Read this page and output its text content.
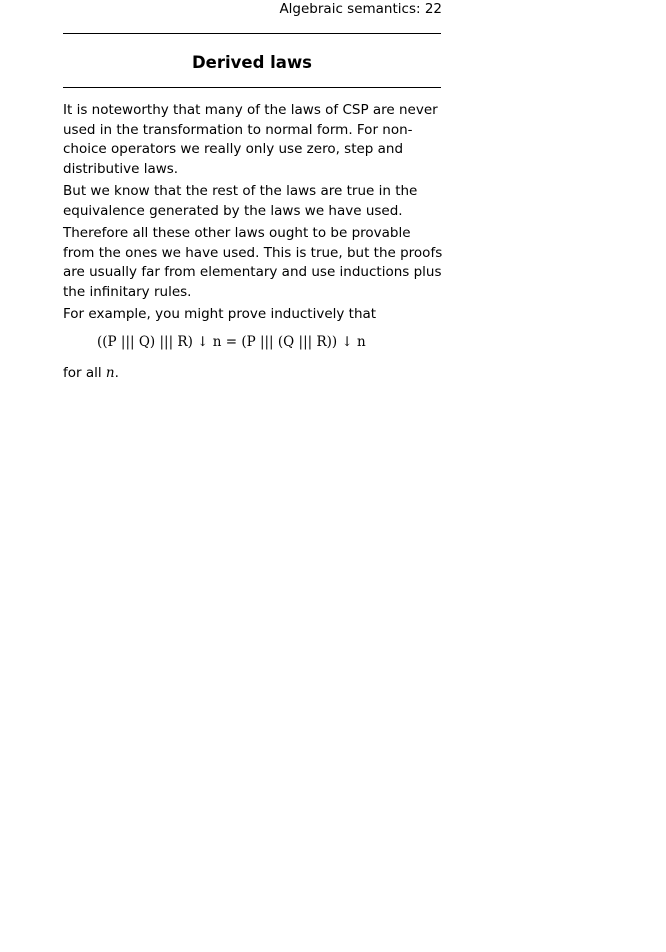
Algebraic semantics: 22
Derived laws

It is noteworthy that many of the laws of CSP are never used in the transformation to normal form. For non-choice operators we really only use zero, step and distributive laws.

But we know that the rest of the laws are true in the equivalence generated by the laws we have used.

Therefore all these other laws ought to be provable from the ones we have used. This is true, but the proofs are usually far from elementary and use inductions plus the infinitary rules.

For example, you might prove inductively that

((P ||| Q) ||| R) ↓ n = (P ||| (Q ||| R)) ↓ n

for all n.
